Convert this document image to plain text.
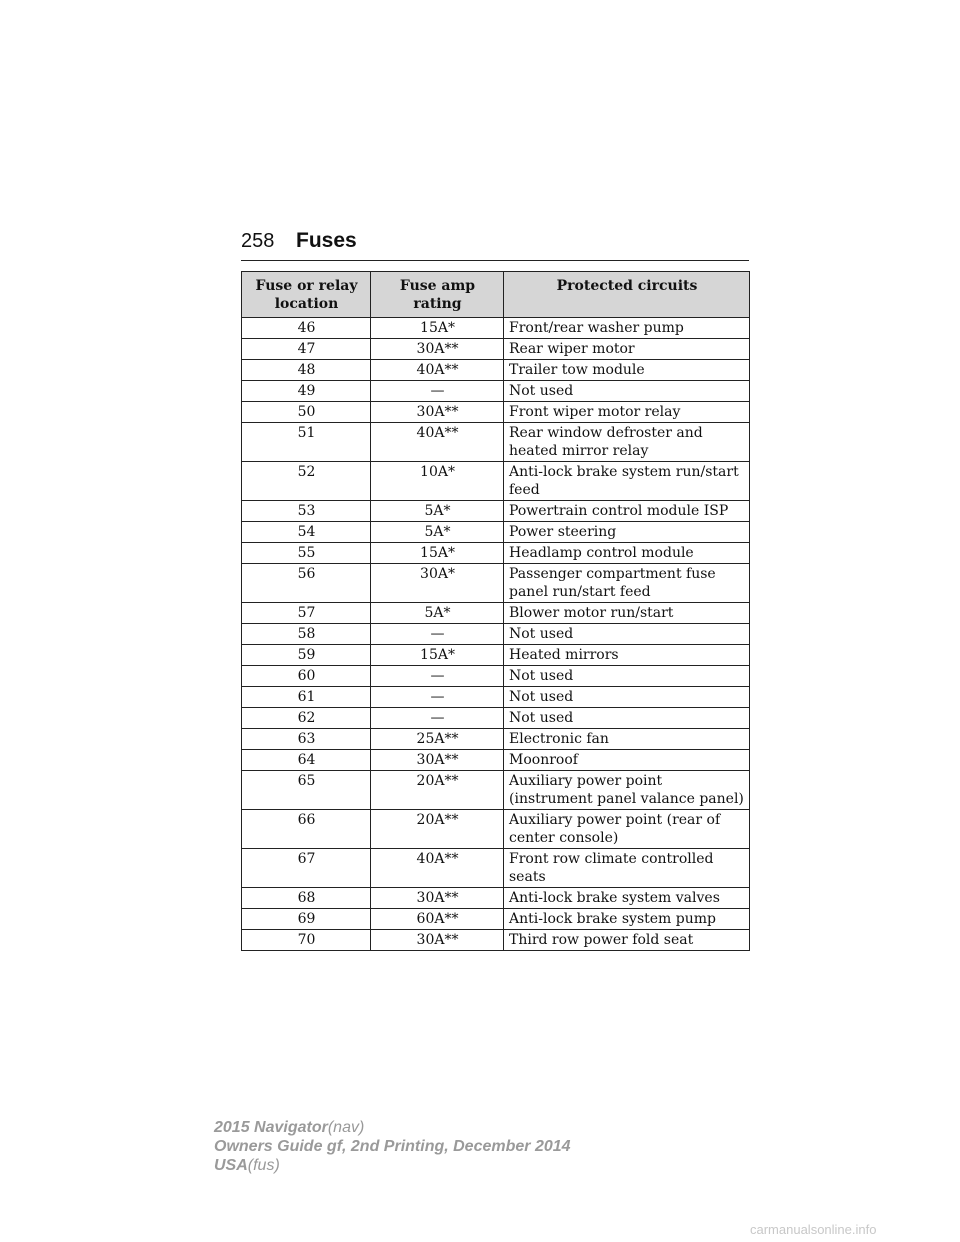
258 Fuses
Fuse or relay location	Fuse amp rating	Protected circuits
46	15A*	Front/rear washer pump
47	30A**	Rear wiper motor
48	40A**	Trailer tow module
49	—	Not used
50	30A**	Front wiper motor relay
51	40A**	Rear window defroster and heated mirror relay
52	10A*	Anti-lock brake system run/start feed
53	5A*	Powertrain control module ISP
54	5A*	Power steering
55	15A*	Headlamp control module
56	30A*	Passenger compartment fuse panel run/start feed
57	5A*	Blower motor run/start
58	—	Not used
59	15A*	Heated mirrors
60	—	Not used
61	—	Not used
62	—	Not used
63	25A**	Electronic fan
64	30A**	Moonroof
65	20A**	Auxiliary power point (instrument panel valance panel)
66	20A**	Auxiliary power point (rear of center console)
67	40A**	Front row climate controlled seats
68	30A**	Anti-lock brake system valves
69	60A**	Anti-lock brake system pump
70	30A**	Third row power fold seat
2015 Navigator(nav)
Owners Guide gf, 2nd Printing, December 2014
USA(fus)
carmanualsonline.info
